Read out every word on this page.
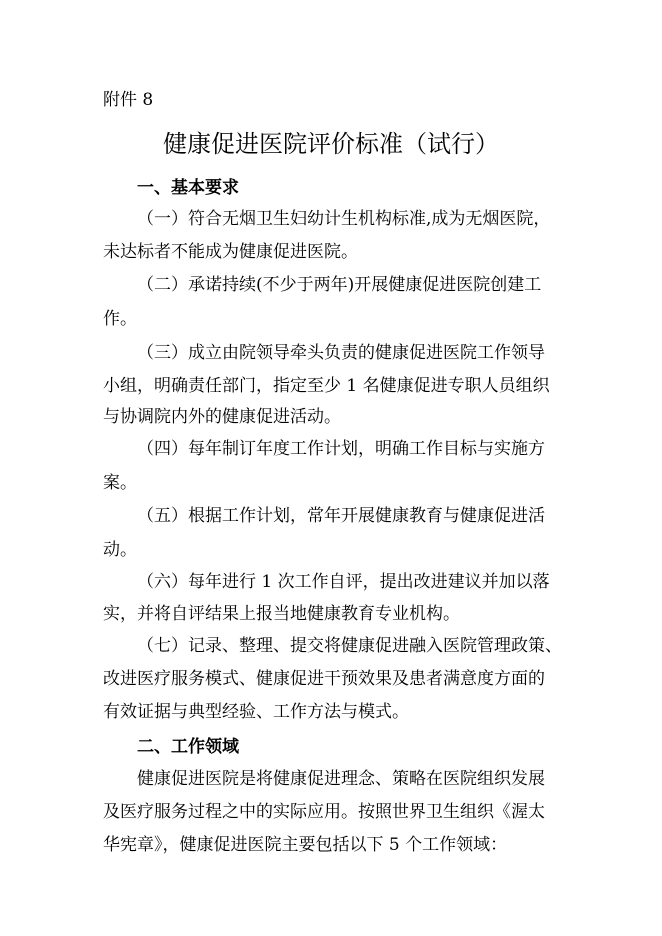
附件 8
健康促进医院评价标准（试行）
一、基本要求
（一）符合无烟卫生妇幼计生机构标准,成为无烟医院，
未达标者不能成为健康促进医院。
（二）承诺持续(不少于两年)开展健康促进医院创建工
作。
（三）成立由院领导牵头负责的健康促进医院工作领导
小组，明确责任部门，指定至少 1 名健康促进专职人员组织
与协调院内外的健康促进活动。
（四）每年制订年度工作计划，明确工作目标与实施方
案。
（五）根据工作计划，常年开展健康教育与健康促进活
动。
（六）每年进行 1 次工作自评，提出改进建议并加以落
实，并将自评结果上报当地健康教育专业机构。
（七）记录、整理、提交将健康促进融入医院管理政策、
改进医疗服务模式、健康促进干预效果及患者满意度方面的
有效证据与典型经验、工作方法与模式。
二、工作领域
健康促进医院是将健康促进理念、策略在医院组织发展
及医疗服务过程之中的实际应用。按照世界卫生组织《渥太
华宪章》，健康促进医院主要包括以下 5 个工作领域：
